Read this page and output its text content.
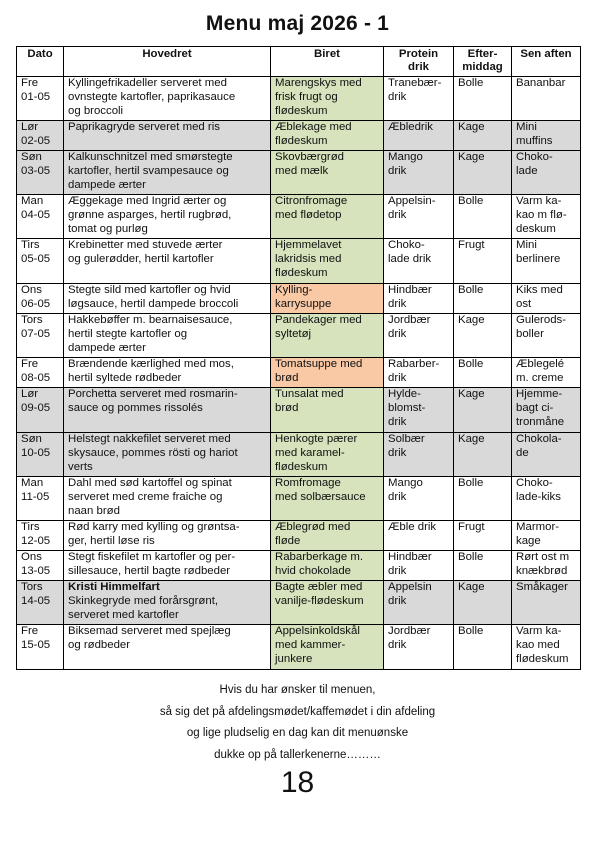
Menu maj 2026 - 1
Dato	Hovedret	Biret	Protein
drik	Efter-
middag	Sen aften
Fre
01-05	Kyllingefrikadeller serveret med
ovnstegte kartofler, paprikasauce
og broccoli	Marengskys med
frisk frugt og
flødeskum	Tranebær-
drik	Bolle	Bananbar
Lør
02-05	Paprikagryde serveret med ris	Æblekage med
flødeskum	Æbledrik	Kage	Mini
muffins
Søn
03-05	Kalkunschnitzel med smørstegte
kartofler, hertil svampesauce og
dampede ærter	Skovbærgrød
med mælk	Mango
drik	Kage	Choko-
lade
Man
04-05	Æggekage med Ingrid ærter og
grønne asparges, hertil rugbrød,
tomat og purløg	Citronfromage
med flødetop	Appelsin-
drik	Bolle	Varm ka-
kao m flø-
deskum
Tirs
05-05	Krebinetter med stuvede ærter
og gulerødder, hertil kartofler	Hjemmelavet
lakridsis med
flødeskum	Choko-
lade drik	Frugt	Mini
berlinere
Ons
06-05	Stegte sild med kartofler og hvid
løgsauce, hertil dampede broccoli	Kylling-
karrysuppe	Hindbær
drik	Bolle	Kiks med
ost
Tors
07-05	Hakkebøffer m. bearnaisesauce,
hertil stegte kartofler og
dampede ærter	Pandekager med
syltetøj	Jordbær
drik	Kage	Gulerods-
boller
Fre
08-05	Brændende kærlighed med mos,
hertil syltede rødbeder	Tomatsuppe med
brød	Rabarber-
drik	Bolle	Æblegelé
m. creme
Lør
09-05	Porchetta serveret med rosmarin-
sauce og pommes rissolés	Tunsalat med
brød	Hylde-
blomst-
drik	Kage	Hjemme-
bagt ci-
tronmåne
Søn
10-05	Helstegt nakkefilet serveret med
skysauce, pommes rösti og hariot
verts	Henkogte pærer
med karamel-
flødeskum	Solbær
drik	Kage	Chokola-
de
Man
11-05	Dahl med sød kartoffel og spinat
serveret med creme fraiche og
naan brød	Romfromage
med solbærsauce	Mango
drik	Bolle	Choko-
lade-kiks
Tirs
12-05	Rød karry med kylling og grøntsa-
ger, hertil løse ris	Æblegrød med
fløde	Æble drik	Frugt	Marmor-
kage
Ons
13-05	Stegt fiskefilet m kartofler og per-
sillesauce, hertil bagte rødbeder	Rabarberkage m.
hvid chokolade	Hindbær
drik	Bolle	Rørt ost m
knækbrød
Tors
14-05	Kristi Himmelfart
Skinkegryde med forårsgrønt,
serveret med kartofler	Bagte æbler med
vanilje-flødeskum	Appelsin
drik	Kage	Småkager
Fre
15-05	Biksemad serveret med spejlæg
og rødbeder	Appelsinkoldskål
med kammer-
junkere	Jordbær
drik	Bolle	Varm ka-
kao med
flødeskum
Hvis du har ønsker til menuen,
så sig det på afdelingsmødet/kaffemødet i din afdeling
og lige pludselig en dag kan dit menuønske
dukke op på tallerkenerne………
18
